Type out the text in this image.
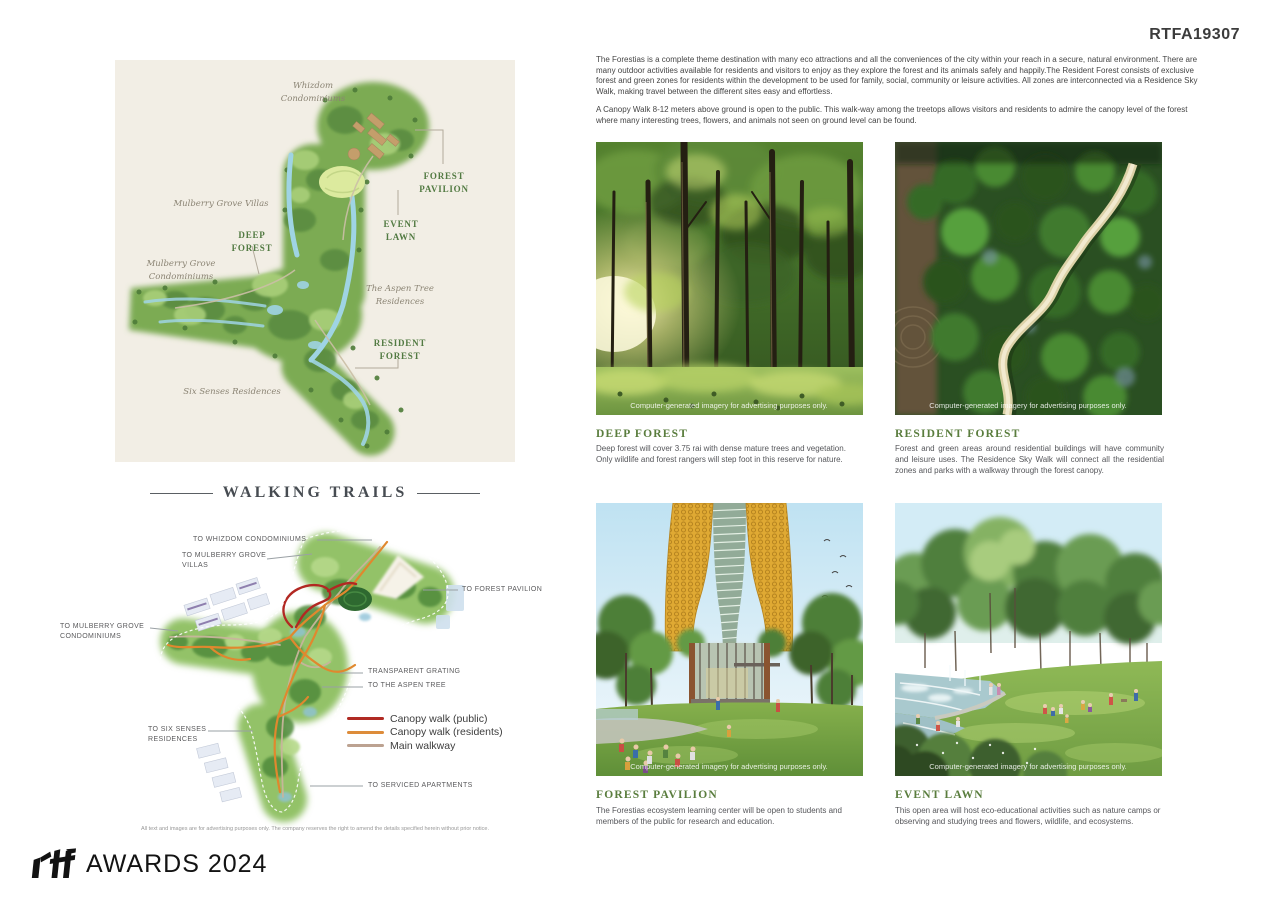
RTFA19307

The Forestias is a complete theme destination with many eco attractions and all the conveniences of the city within your reach in a secure, natural environment. There are many outdoor activities available for residents and visitors to enjoy as they explore the forest and its animals safely and happily.The Resident Forest consists of exclusive forest and green zones for residents within the development to be used for family, social, community or leisure activities. All zones are interconnected via a Residence Sky Walk, making travel between the different sites easy and effortless.

A Canopy Walk 8-12 meters above ground is open to the public. This walk-way among the treetops allows visitors and residents to admire the canopy level of the forest where many interesting trees, flowers, and animals not seen on ground level can be found.

Whizdom Condominiums
Mulberry Grove Villas
Mulberry Grove Condominiums
The Aspen Tree Residences
Six Senses Residences
FOREST PAVILION
EVENT LAWN
DEEP FOREST
RESIDENT FOREST
WALKING TRAILS
TO WHIZDOM CONDOMINIUMS
TO MULBERRY GROVE VILLAS
TO FOREST PAVILION
TO MULBERRY GROVE CONDOMINIUMS
TRANSPARENT GRATING
TO THE ASPEN TREE
TO SIX SENSES RESIDENCES
TO SERVICED APARTMENTS
Canopy walk (public)
Canopy walk (residents)
Main walkway
All text and images are for advertising purposes only. The company reserves the right to amend the details specified herein without prior notice.
Computer-generated imagery for advertising purposes only.	Computer-generated imagery for advertising purposes only.
Computer-generated imagery for advertising purposes only.	Computer-generated imagery for advertising purposes only.
DEEP FOREST
Deep forest will cover 3.75 rai with dense mature trees and vegetation. Only wildlife and forest rangers will step foot in this reserve for nature.
RESIDENT FOREST
Forest and green areas around residential buildings will have community and leisure uses. The Residence Sky Walk will connect all the residential zones and parks with a walkway through the forest canopy.
FOREST PAVILION
The Forestias ecosystem learning center will be open to students and members of the public for research and education.
EVENT LAWN
This open area will host eco-educational activities such as nature camps or observing and studying trees and flowers, wildlife, and ecosystems.
AWARDS 2024
